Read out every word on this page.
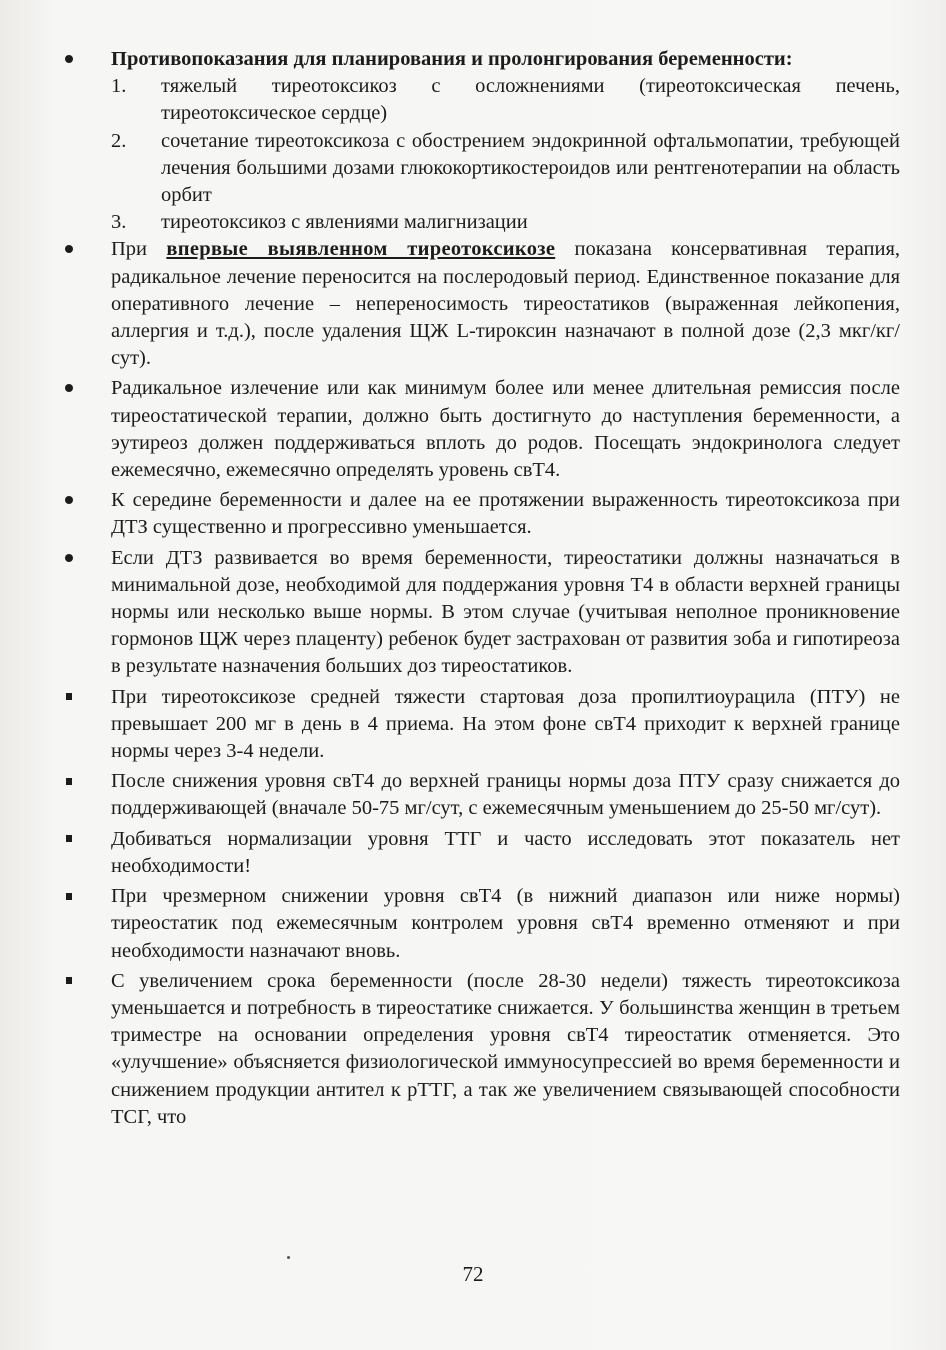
Противопоказания для планирования и пролонгирования беременности:
1. тяжелый тиреотоксикоз с осложнениями (тиреотоксическая печень, тиреотоксическое сердце)
2. сочетание тиреотоксикоза с обострением эндокринной офтальмопатии, требующей лечения большими дозами глюкокортикостероидов или рентгенотерапии на область орбит
3. тиреотоксикоз с явлениями малигнизации
При впервые выявленном тиреотоксикозе показана консервативная терапия, радикальное лечение переносится на послеродовый период. Единственное показание для оперативного лечение – непереносимость тиреостатиков (выраженная лейкопения, аллергия и т.д.), после удаления ЩЖ L-тироксин назначают в полной дозе (2,3 мкг/кг/сут).
Радикальное излечение или как минимум более или менее длительная ремиссия после тиреостатической терапии, должно быть достигнуто до наступления беременности, а эутиреоз должен поддерживаться вплоть до родов. Посещать эндокринолога следует ежемесячно, ежемесячно определять уровень свТ4.
К середине беременности и далее на ее протяжении выраженность тиреотоксикоза при ДТЗ существенно и прогрессивно уменьшается.
Если ДТЗ развивается во время беременности, тиреостатики должны назначаться в минимальной дозе, необходимой для поддержания уровня Т4 в области верхней границы нормы или несколько выше нормы. В этом случае (учитывая неполное проникновение гормонов ЩЖ через плаценту) ребенок будет застрахован от развития зоба и гипотиреоза в результате назначения больших доз тиреостатиков.
При тиреотоксикозе средней тяжести стартовая доза пропилтиоурацила (ПТУ) не превышает 200 мг в день в 4 приема. На этом фоне свТ4 приходит к верхней границе нормы через 3-4 недели.
После снижения уровня свТ4 до верхней границы нормы доза ПТУ сразу снижается до поддерживающей (вначале 50-75 мг/сут, с ежемесячным уменьшением до 25-50 мг/сут).
Добиваться нормализации уровня ТТГ и часто исследовать этот показатель нет необходимости!
При чрезмерном снижении уровня свТ4 (в нижний диапазон или ниже нормы) тиреостатик под ежемесячным контролем уровня свТ4 временно отменяют и при необходимости назначают вновь.
С увеличением срока беременности (после 28-30 недели) тяжесть тиреотоксикоза уменьшается и потребность в тиреостатике снижается. У большинства женщин в третьем триместре на основании определения уровня свТ4 тиреостатик отменяется. Это «улучшение» объясняется физиологической иммуносупрессией во время беременности и снижением продукции антител к рТТГ, а так же увеличением связывающей способности ТСГ, что
72
